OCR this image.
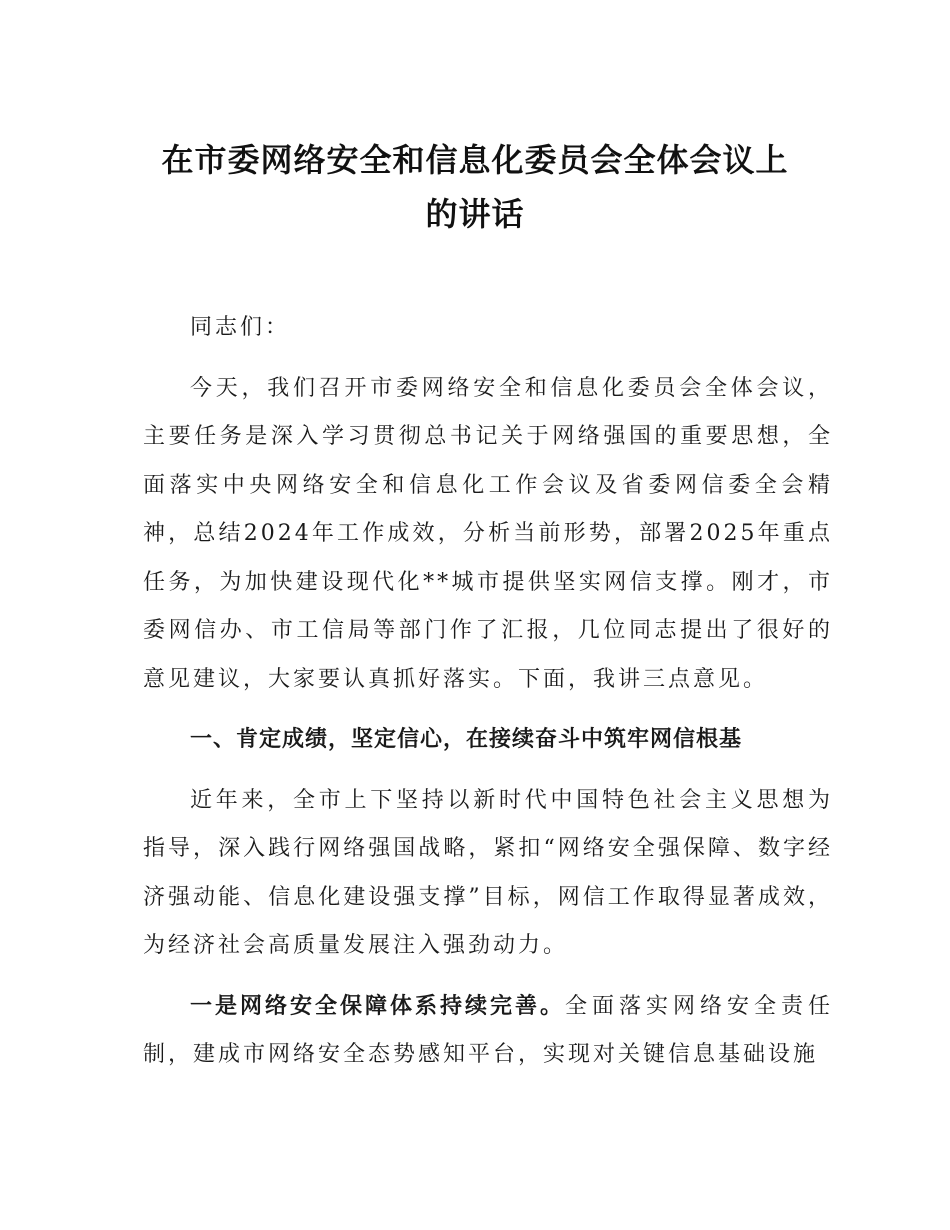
在市委网络安全和信息化委员会全体会议上
的讲话

同志们：

今天，我们召开市委网络安全和信息化委员会全体会议，主要任务是深入学习贯彻总书记关于网络强国的重要思想，全面落实中央网络安全和信息化工作会议及省委网信委全会精神，总结2024年工作成效，分析当前形势，部署2025年重点任务，为加快建设现代化**城市提供坚实网信支撑。刚才，市委网信办、市工信局等部门作了汇报，几位同志提出了很好的意见建议，大家要认真抓好落实。下面，我讲三点意见。

一、肯定成绩，坚定信心，在接续奋斗中筑牢网信根基

近年来，全市上下坚持以新时代中国特色社会主义思想为指导，深入践行网络强国战略，紧扣“网络安全强保障、数字经济强动能、信息化建设强支撑”目标，网信工作取得显著成效，为经济社会高质量发展注入强劲动力。

一是网络安全保障体系持续完善。全面落实网络安全责任制，建成市网络安全态势感知平台，实现对关键信息基础设施
